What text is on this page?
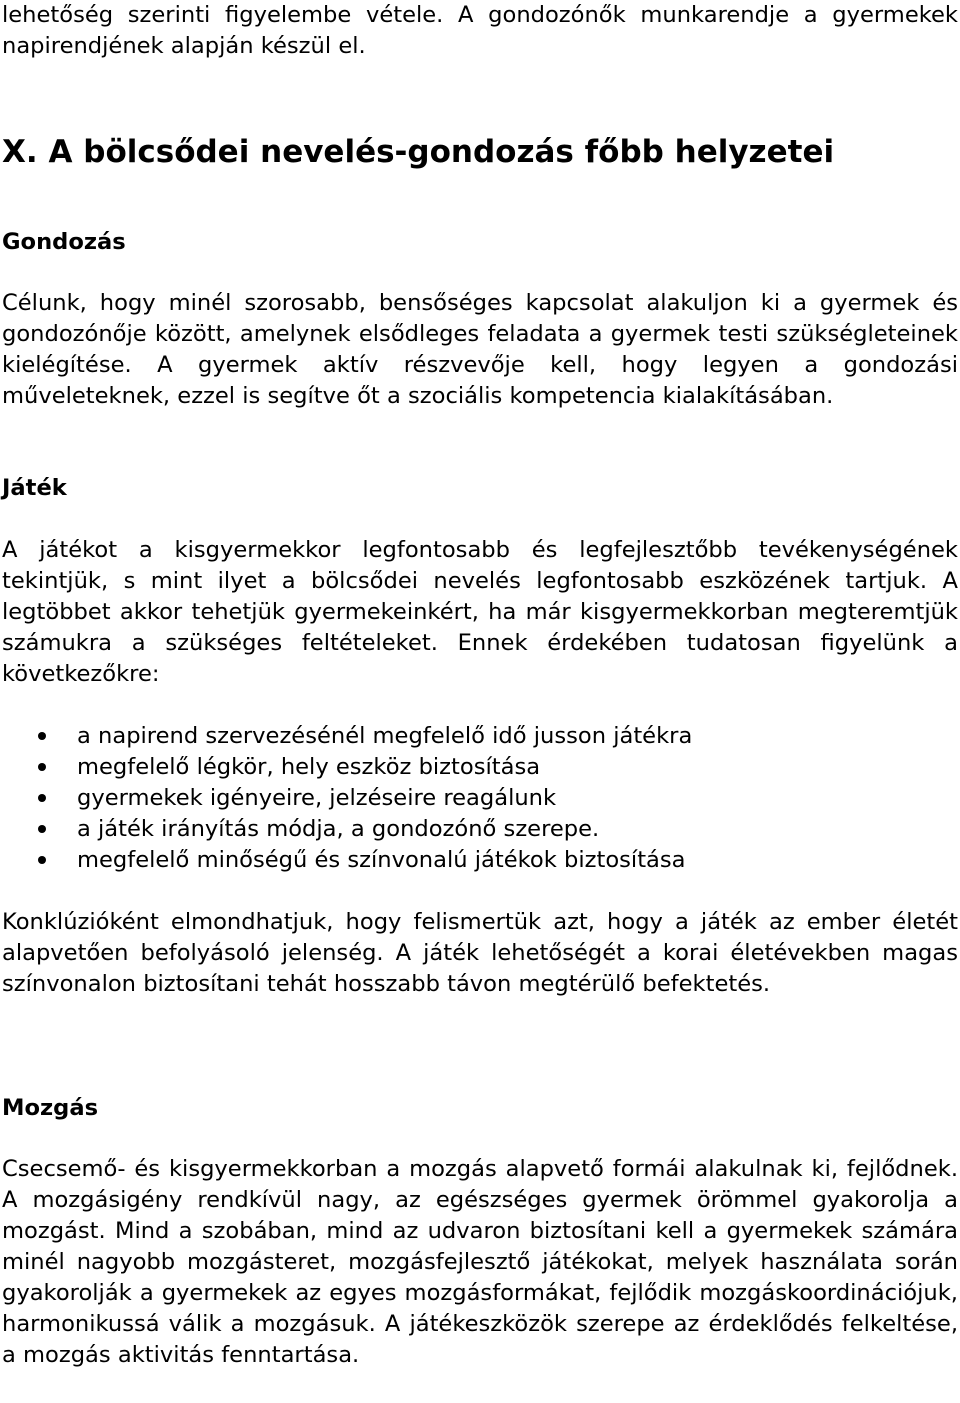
lehetőség szerinti figyelembe vétele. A gondozónők munkarendje a gyermekek napirendjének alapján készül el.

X. A bölcsődei nevelés-gondozás főbb helyzetei
Gondozás

Célunk, hogy minél szorosabb, bensőséges kapcsolat alakuljon ki a gyermek és gondozónője között, amelynek elsődleges feladata a gyermek testi szükségleteinek kielégítése. A gyermek aktív részvevője kell, hogy legyen a gondozási műveleteknek, ezzel is segítve őt a szociális kompetencia kialakításában.

Játék

A játékot a kisgyermekkor legfontosabb és legfejlesztőbb tevékenységének tekintjük, s mint ilyet a bölcsődei nevelés legfontosabb eszközének tartjuk. A legtöbbet akkor tehetjük gyermekeinkért, ha már kisgyermekkorban megteremtjük számukra a szükséges feltételeket. Ennek érdekében tudatosan figyelünk a következőkre:

a napirend szervezésénél megfelelő idő jusson játékra
megfelelő légkör, hely eszköz biztosítása
gyermekek igényeire, jelzéseire reagálunk
a játék irányítás módja, a gondozónő szerepe.
megfelelő minőségű és színvonalú játékok biztosítása

Konklúzióként elmondhatjuk, hogy felismertük azt, hogy a játék az ember életét alapvetően befolyásoló jelenség. A játék lehetőségét a korai életévekben magas színvonalon biztosítani tehát hosszabb távon megtérülő befektetés.

Mozgás

Csecsemő- és kisgyermekkorban a mozgás alapvető formái alakulnak ki, fejlődnek. A mozgásigény rendkívül nagy, az egészséges gyermek örömmel gyakorolja a mozgást. Mind a szobában, mind az udvaron biztosítani kell a gyermekek számára minél nagyobb mozgásteret, mozgásfejlesztő játékokat, melyek használata során gyakorolják a gyermekek az egyes mozgásformákat, fejlődik mozgáskoordinációjuk, harmonikussá válik a mozgásuk. A játékeszközök szerepe az érdeklődés felkeltése, a mozgás aktivitás fenntartása.
